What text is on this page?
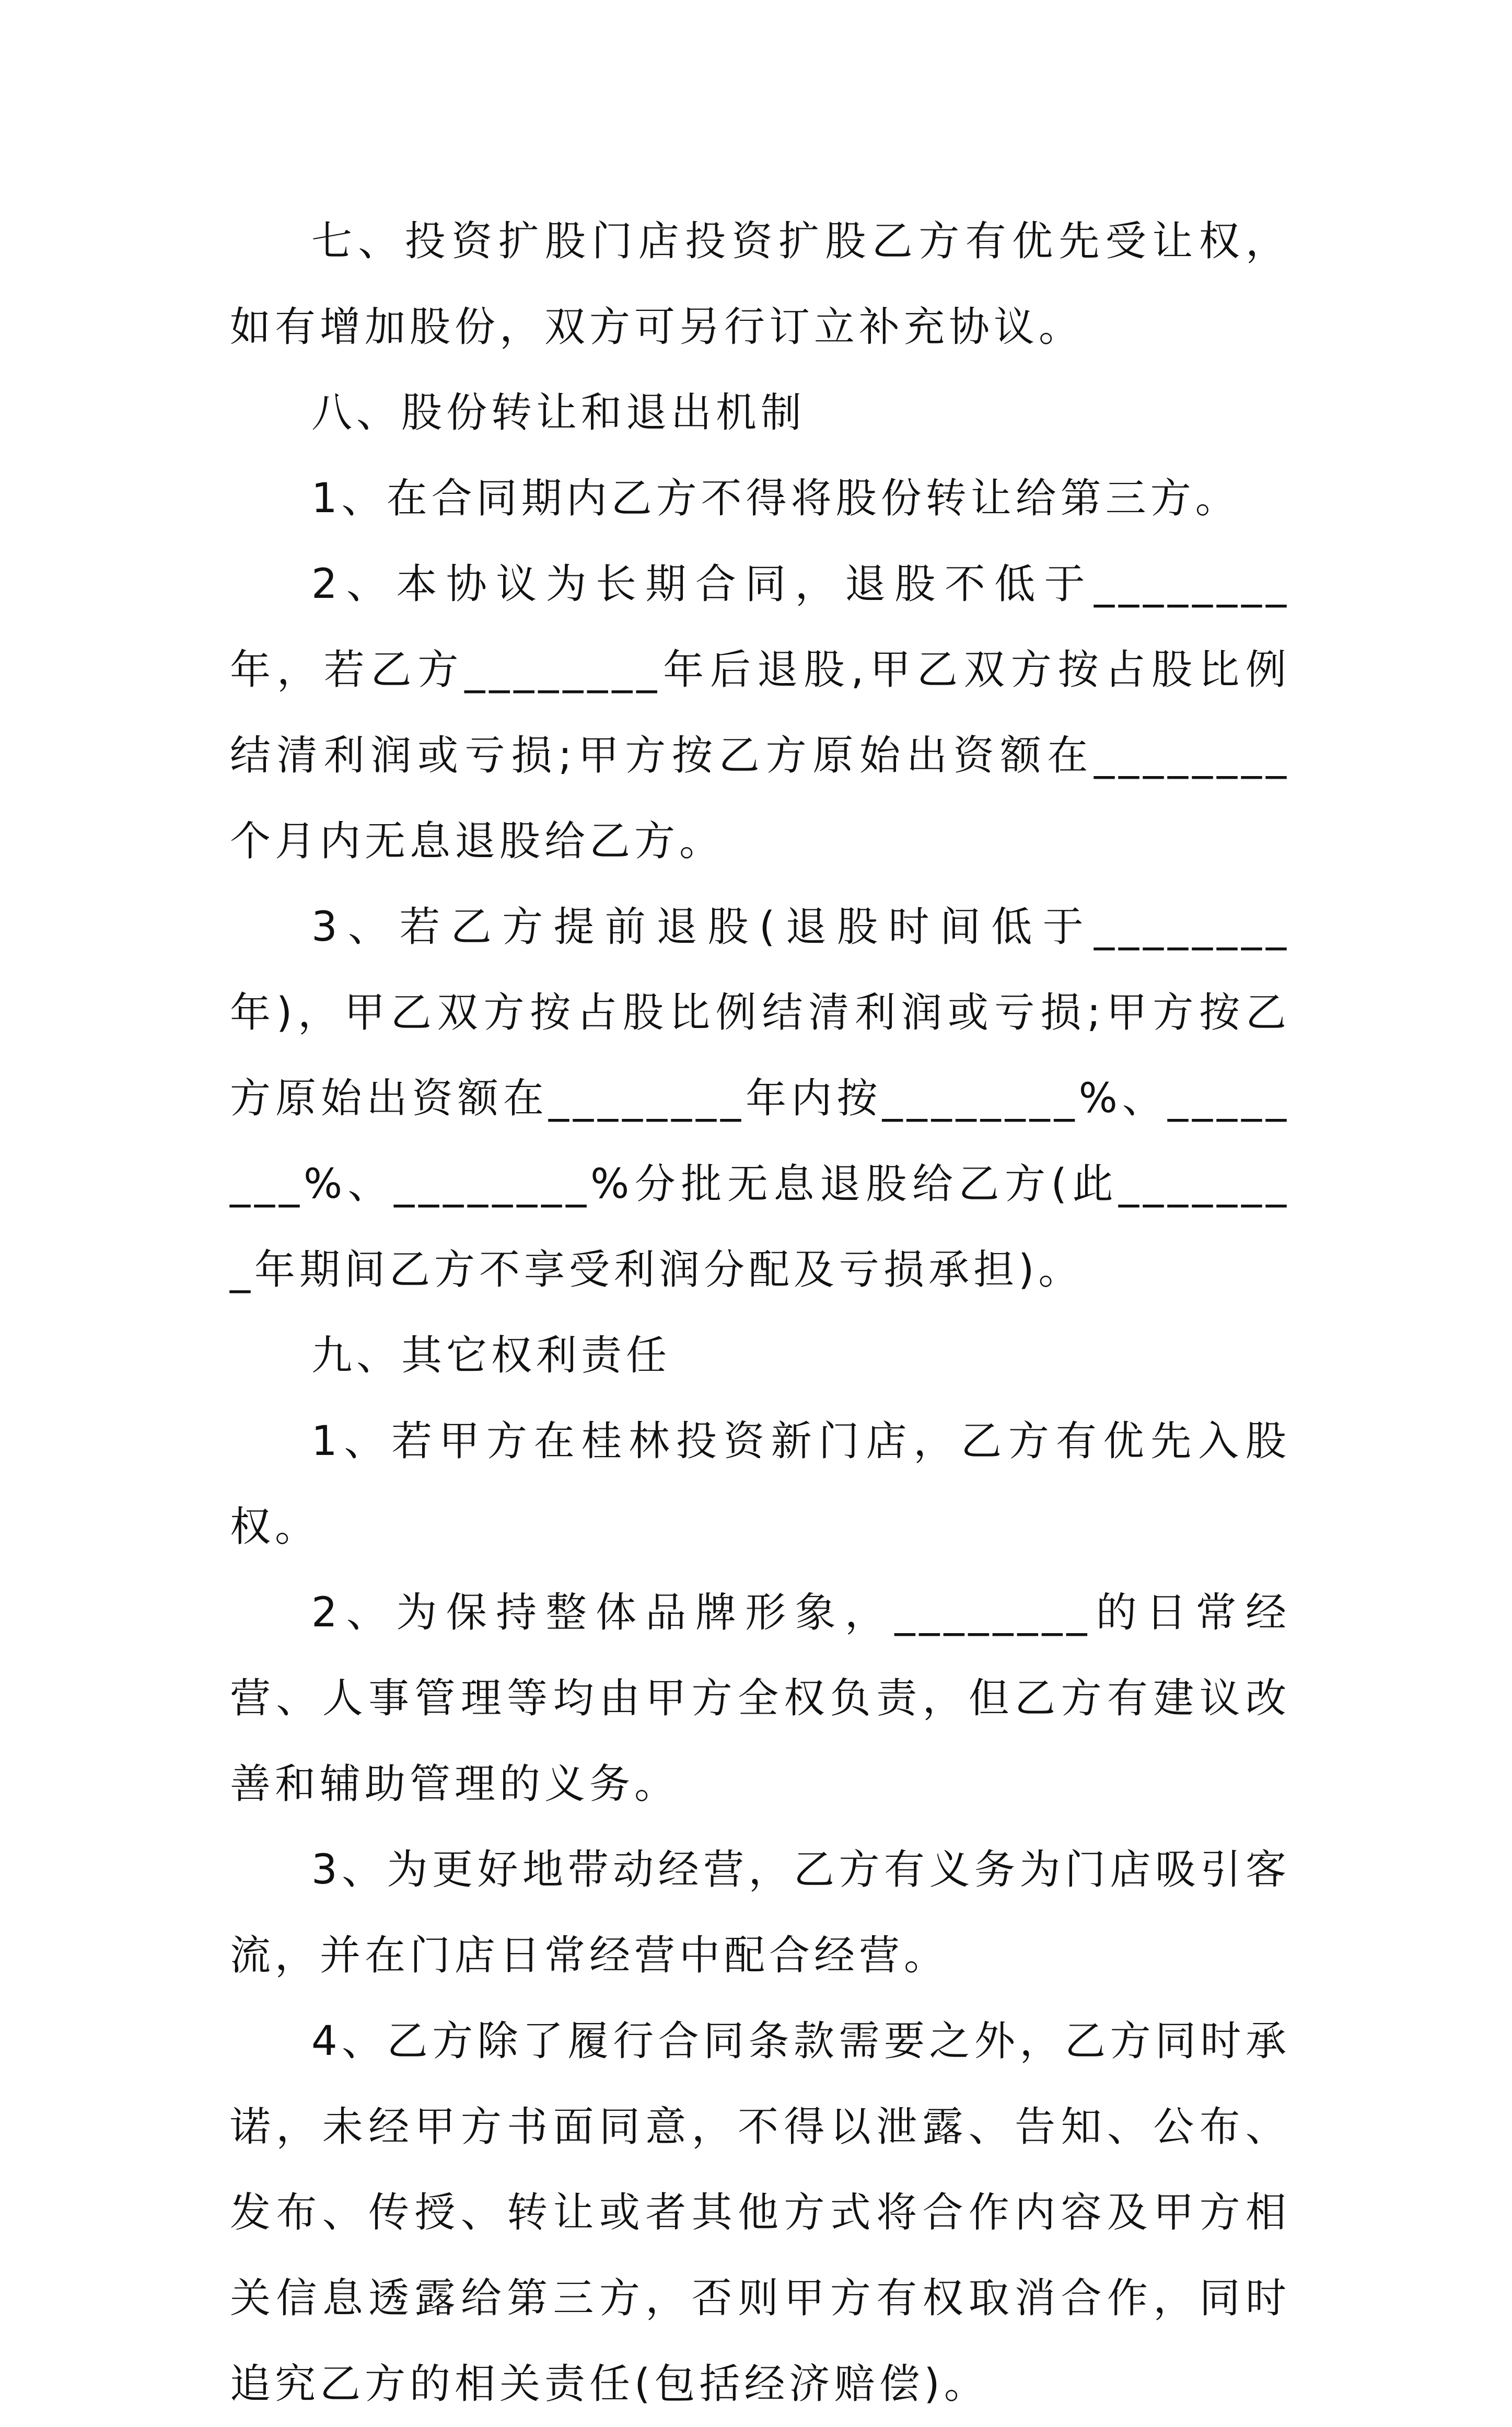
七、投资扩股门店投资扩股乙方有优先受让权，如有增加股份，双方可另行订立补充协议。

八、股份转让和退出机制

1、在合同期内乙方不得将股份转让给第三方。

2、本协议为长期合同，退股不低于________年，若乙方________年后退股,甲乙双方按占股比例结清利润或亏损;甲方按乙方原始出资额在________个月内无息退股给乙方。

3、若乙方提前退股(退股时间低于________年)，甲乙双方按占股比例结清利润或亏损;甲方按乙方原始出资额在________年内按________%、________%、________%分批无息退股给乙方(此________年期间乙方不享受利润分配及亏损承担)。

九、其它权利责任

1、若甲方在桂林投资新门店，乙方有优先入股权。

2、为保持整体品牌形象，________的日常经营、人事管理等均由甲方全权负责，但乙方有建议改善和辅助管理的义务。

3、为更好地带动经营，乙方有义务为门店吸引客流，并在门店日常经营中配合经营。

4、乙方除了履行合同条款需要之外，乙方同时承诺，未经甲方书面同意，不得以泄露、告知、公布、发布、传授、转让或者其他方式将合作内容及甲方相关信息透露给第三方，否则甲方有权取消合作，同时追究乙方的相关责任(包括经济赔偿)。
